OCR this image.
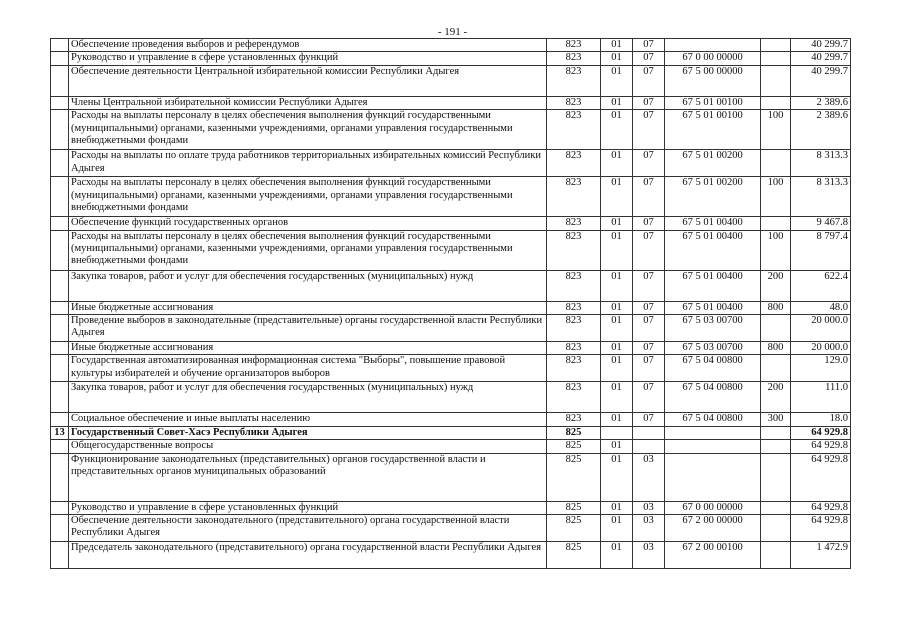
- 191 -
	Обеспечение проведения выборов и референдумов	823	01	07			40 299.7
	Руководство и управление в сфере установленных функций	823	01	07	67 0 00 00000		40 299.7
	Обеспечение деятельности Центральной избирательной комиссии Республики Адыгея	823	01	07	67 5 00 00000		40 299.7
	Члены Центральной избирательной комиссии Республики Адыгея	823	01	07	67 5 01 00100		2 389.6
	Расходы на выплаты персоналу в целях обеспечения выполнения функций государственными (муниципальными) органами, казенными учреждениями, органами управления государственными внебюджетными фондами	823	01	07	67 5 01 00100	100	2 389.6
	Расходы на выплаты по оплате труда работников территориальных избирательных комиссий Республики Адыгея	823	01	07	67 5 01 00200		8 313.3
	Расходы на выплаты персоналу в целях обеспечения выполнения функций государственными (муниципальными) органами, казенными учреждениями, органами управления государственными внебюджетными фондами	823	01	07	67 5 01 00200	100	8 313.3
	Обеспечение функций государственных органов	823	01	07	67 5 01 00400		9 467.8
	Расходы на выплаты персоналу в целях обеспечения выполнения функций государственными (муниципальными) органами, казенными учреждениями, органами управления государственными внебюджетными фондами	823	01	07	67 5 01 00400	100	8 797.4
	Закупка товаров, работ и услуг для обеспечения государственных (муниципальных) нужд	823	01	07	67 5 01 00400	200	622.4
	Иные бюджетные ассигнования	823	01	07	67 5 01 00400	800	48.0
	Проведение выборов в законодательные (представительные) органы государственной власти Республики Адыгея	823	01	07	67 5 03 00700		20 000.0
	Иные бюджетные ассигнования	823	01	07	67 5 03 00700	800	20 000.0
	Государственная автоматизированная информационная система "Выборы", повышение правовой культуры избирателей и обучение организаторов выборов	823	01	07	67 5 04 00800		129.0
	Закупка товаров, работ и услуг для обеспечения государственных (муниципальных) нужд	823	01	07	67 5 04 00800	200	111.0
	Социальное обеспечение и иные выплаты населению	823	01	07	67 5 04 00800	300	18.0
13	Государственный Совет-Хасэ Республики Адыгея	825					64 929.8
	Общегосударственные вопросы	825	01				64 929.8
	Функционирование законодательных (представительных) органов государственной власти и представительных органов муниципальных образований	825	01	03			64 929.8
	Руководство и управление в сфере установленных функций	825	01	03	67 0 00 00000		64 929.8
	Обеспечение деятельности законодательного (представительного) органа государственной власти Республики Адыгея	825	01	03	67 2 00 00000		64 929.8
	Председатель законодательного (представительного) органа государственной власти Республики Адыгея	825	01	03	67 2 00 00100		1 472.9
